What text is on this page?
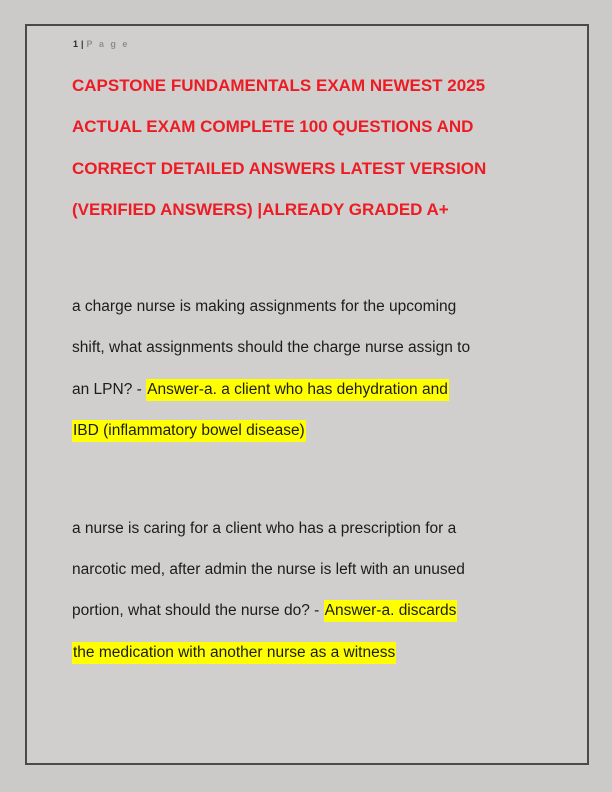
1 | P a g e
CAPSTONE FUNDAMENTALS EXAM NEWEST 2025
ACTUAL EXAM COMPLETE 100 QUESTIONS AND
CORRECT DETAILED ANSWERS LATEST VERSION
(VERIFIED ANSWERS) |ALREADY GRADED A+
a charge nurse is making assignments for the upcoming
shift, what assignments should the charge nurse assign to
an LPN? - Answer-a. a client who has dehydration and
IBD (inflammatory bowel disease)
a nurse is caring for a client who has a prescription for a
narcotic med, after admin the nurse is left with an unused
portion, what should the nurse do? - Answer-a. discards
the medication with another nurse as a witness
